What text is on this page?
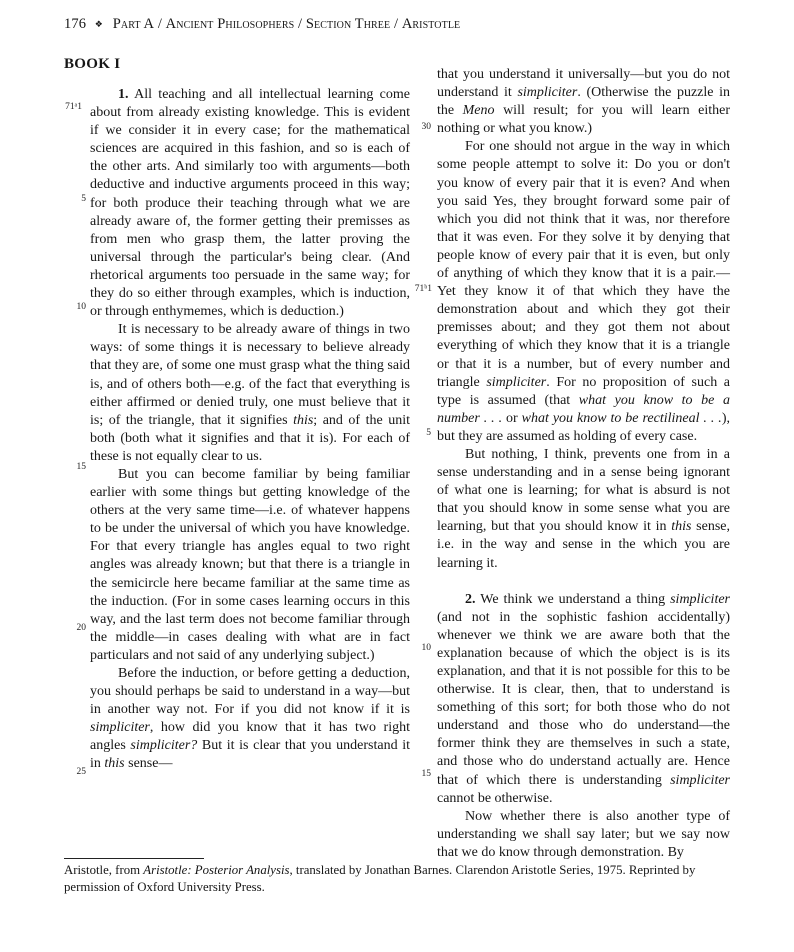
176 ❖ Part A / Ancient Philosophers / Section Three / Aristotle
BOOK I

1. All teaching and all intellectual learning come about from already existing knowledge. This is evident if we consider it in every case; for the mathematical sciences are acquired in this fashion, and so is each of the other arts. And similarly too with arguments—both deductive and inductive arguments proceed in this way; for both produce their teaching through what we are already aware of, the former getting their premisses as from men who grasp them, the latter proving the universal through the particular's being clear. (And rhetorical arguments too persuade in the same way; for they do so either through examples, which is induction, or through enthymemes, which is deduction.)

It is necessary to be already aware of things in two ways: of some things it is necessary to believe already that they are, of some one must grasp what the thing said is, and of others both—e.g. of the fact that everything is either affirmed or denied truly, one must believe that it is; of the triangle, that it signifies this; and of the unit both (both what it signifies and that it is). For each of these is not equally clear to us.

But you can become familiar by being familiar earlier with some things but getting knowledge of the others at the very same time—i.e. of whatever happens to be under the universal of which you have knowledge. For that every triangle has angles equal to two right angles was already known; but that there is a triangle in the semicircle here became familiar at the same time as the induction. (For in some cases learning occurs in this way, and the last term does not become familiar through the middle—in cases dealing with what are in fact particulars and not said of any underlying subject.)

Before the induction, or before getting a deduction, you should perhaps be said to understand in a way—but in another way not. For if you did not know if it is simpliciter, how did you know that it has two right angles simpliciter? But it is clear that you understand it in this sense—

71ᵃ1
5
10
15
20
25

that you understand it universally—but you do not understand it simpliciter. (Otherwise the puzzle in the Meno will result; for you will learn either nothing or what you know.)

For one should not argue in the way in which some people attempt to solve it: Do you or don't you know of every pair that it is even? And when you said Yes, they brought forward some pair of which you did not think that it was, nor therefore that it was even. For they solve it by denying that people know of every pair that it is even, but only of anything of which they know that it is a pair.— Yet they know it of that which they have the demonstration about and which they got their premisses about; and they got them not about everything of which they know that it is a triangle or that it is a number, but of every number and triangle simpliciter. For no proposition of such a type is assumed (that what you know to be a number . . . or what you know to be rectilineal . . .), but they are assumed as holding of every case.

But nothing, I think, prevents one from in a sense understanding and in a sense being ignorant of what one is learning; for what is absurd is not that you should know in some sense what you are learning, but that you should know it in this sense, i.e. in the way and sense in the which you are learning it.

2. We think we understand a thing simpliciter (and not in the sophistic fashion accidentally) whenever we think we are aware both that the explanation because of which the object is is its explanation, and that it is not possible for this to be otherwise. It is clear, then, that to understand is something of this sort; for both those who do not understand and those who do understand—the former think they are themselves in such a state, and those who do understand actually are. Hence that of which there is understanding simpliciter cannot be otherwise.

Now whether there is also another type of understanding we shall say later; but we say now that we do know through demonstration. By

30
71ᵇ1
5
10
15
Aristotle, from Aristotle: Posterior Analysis, translated by Jonathan Barnes. Clarendon Aristotle Series, 1975. Reprinted by permission of Oxford University Press.
